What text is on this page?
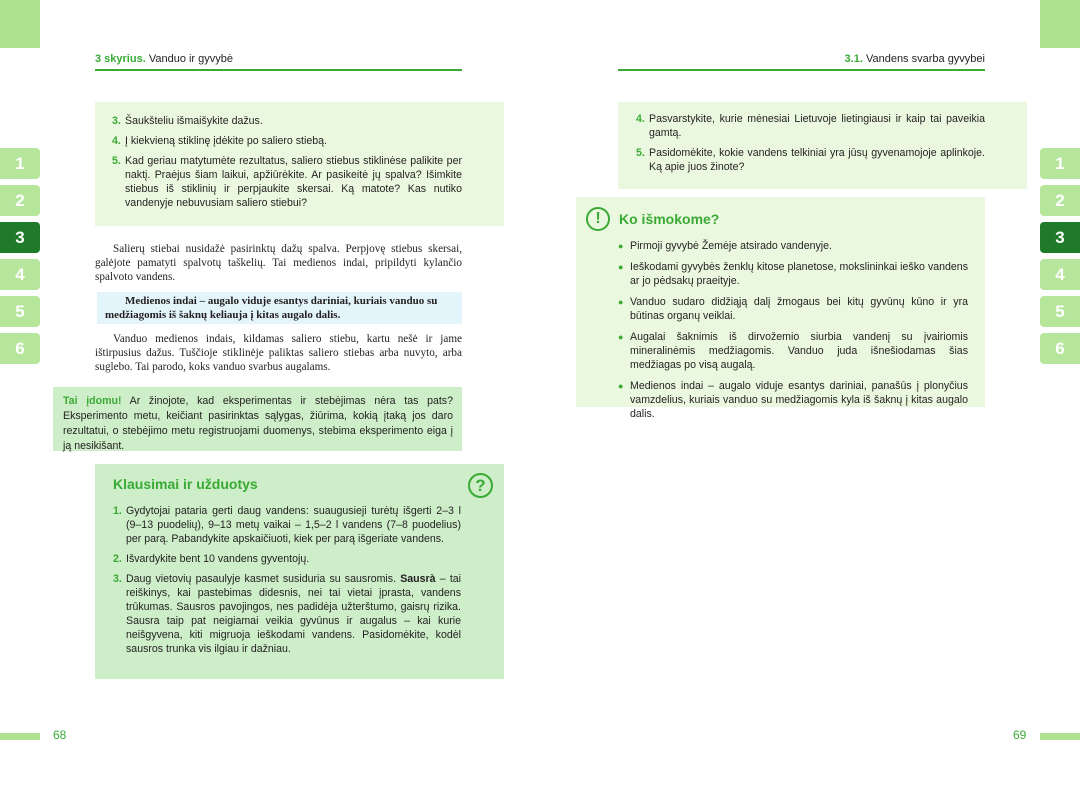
3 skyrius. Vanduo ir gyvybė	3.1. Vandens svarba gyvybei
1
2
3
4
5
6
1
2
3
4
5
6
3. Šaukšteliu išmaišykite dažus.
4. Į kiekvieną stiklinę įdėkite po saliero stiebą.
5. Kad geriau matytumėte rezultatus, saliero stiebus stiklinėse palikite per naktį. Praėjus šiam laikui, apžiūrėkite. Ar pasikeitė jų spalva? Išimkite stiebus iš stiklinių ir perpjaukite skersai. Ką matote? Kas nutiko vandenyje nebuvusiam saliero stiebui?
Salierų stiebai nusidažė pasirinktų dažų spalva. Perpjovę stiebus skersai, galėjote pamatyti spalvotų taškelių. Tai medienos indai, pripildyti kylančio spalvoto vandens.
Medienos indai – augalo viduje esantys dariniai, kuriais vanduo su medžiagomis iš šaknų keliauja į kitas augalo dalis.
Vanduo medienos indais, kildamas saliero stiebu, kartu nešė ir jame ištirpusius dažus. Tuščioje stiklinėje paliktas saliero stiebas arba nuvyto, arba suglebo. Tai parodo, koks vanduo svarbus augalams.
Tai įdomu! Ar žinojote, kad eksperimentas ir stebėjimas nėra tas pats? Eksperimento metu, keičiant pasirinktas sąlygas, žiūrima, kokią įtaką jos daro rezultatui, o stebėjimo metu registruojami duomenys, stebima eksperimento eiga į ją nesikišant.
Klausimai ir užduotys	?
1. Gydytojai pataria gerti daug vandens: suaugusieji turėtų išgerti 2–3 l (9–13 puodelių), 9–13 metų vaikai – 1,5–2 l vandens (7–8 puodelius) per parą. Pabandykite apskaičiuoti, kiek per parą išgeriate vandens.
2. Išvardykite bent 10 vandens gyventojų.
3. Daug vietovių pasaulyje kasmet susiduria su sausromis. Sausrà – tai reiškinys, kai pastebimas didesnis, nei tai vietai įprasta, vandens trūkumas. Sausros pavojingos, nes padidėja užterštumo, gaisrų rizika. Sausra taip pat neigiamai veikia gyvūnus ir augalus – kai kurie neišgyvena, kiti migruoja ieškodami vandens. Pasidomėkite, kodėl sausros trunka vis ilgiau ir dažniau.
4. Pasvarstykite, kurie mėnesiai Lietuvoje lietingiausi ir kaip tai paveikia gamtą.
5. Pasidomėkite, kokie vandens telkiniai yra jūsų gyvenamojoje aplinkoje. Ką apie juos žinote?
! Ko išmokome?
● Pirmoji gyvybė Žemėje atsirado vandenyje.
● Ieškodami gyvybės ženklų kitose planetose, mokslininkai ieško vandens ar jo pėdsakų praeityje.
● Vanduo sudaro didžiąją dalį žmogaus bei kitų gyvūnų kūno ir yra būtinas organų veiklai.
● Augalai šaknimis iš dirvožemio siurbia vandenį su įvairiomis mineralinėmis medžiagomis. Vanduo juda išnešiodamas šias medžiagas po visą augalą.
● Medienos indai – augalo viduje esantys dariniai, panašūs į plonyčius vamzdelius, kuriais vanduo su medžiagomis kyla iš šaknų į kitas augalo dalis.
68	69
